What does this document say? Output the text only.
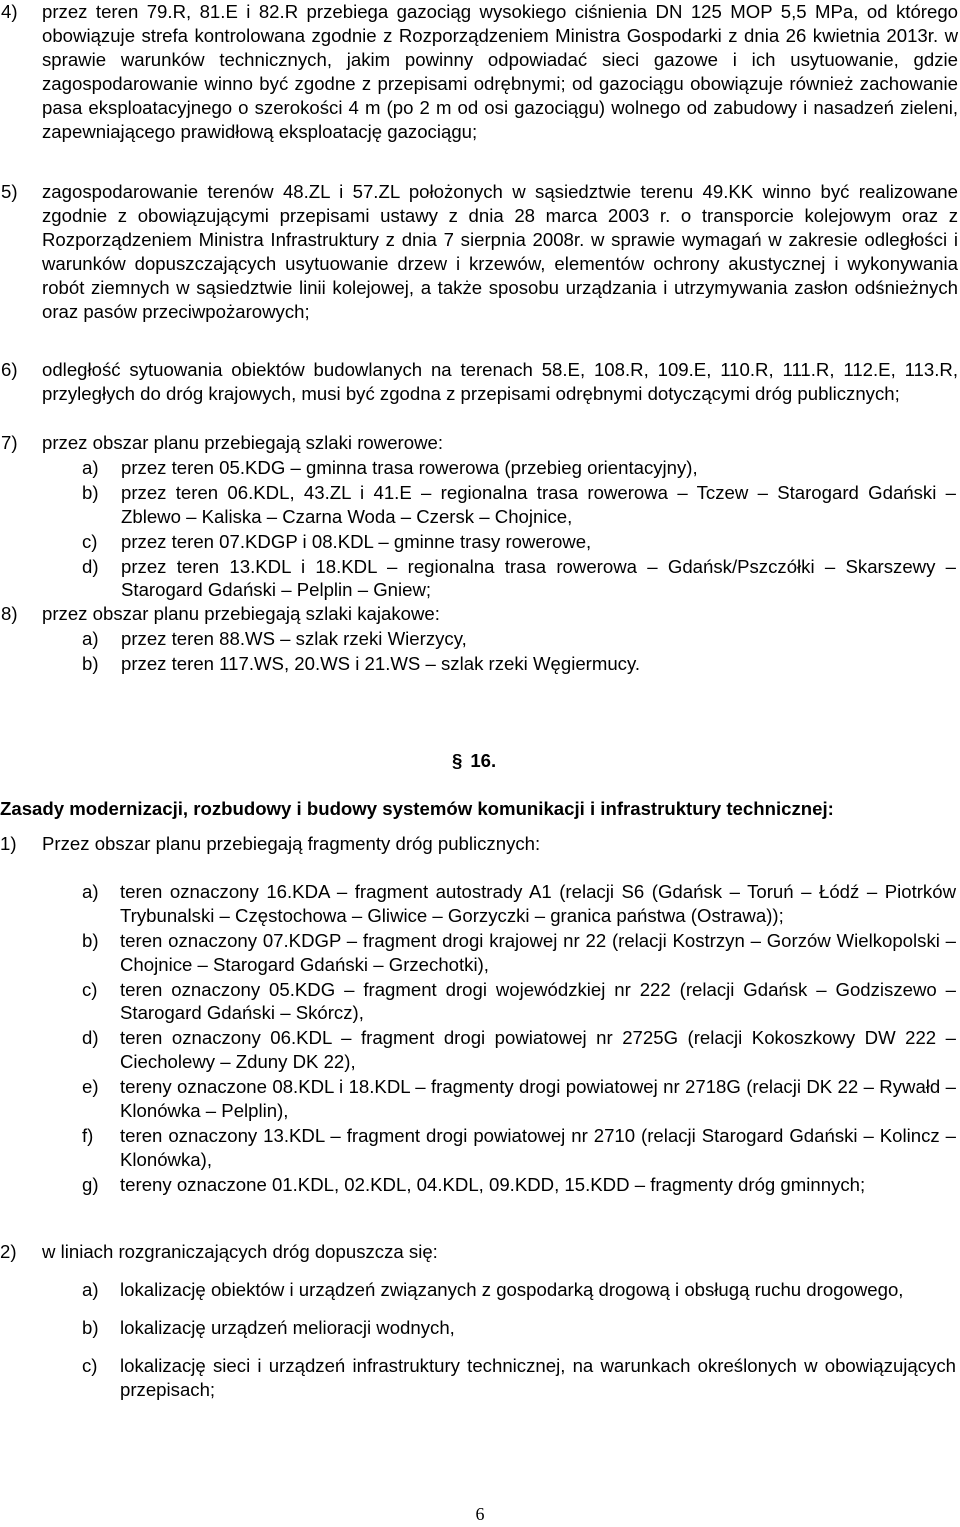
4)	przez teren 79.R, 81.E i 82.R przebiega gazociąg wysokiego ciśnienia DN 125 MOP 5,5 MPa, od którego obowiązuje strefa kontrolowana zgodnie z Rozporządzeniem Ministra Gospodarki z dnia 26 kwietnia 2013r. w sprawie warunków technicznych, jakim powinny odpowiadać sieci gazowe i ich usytuowanie, gdzie zagospodarowanie winno być zgodne z przepisami odrębnymi; od gazociągu obowiązuje również zachowanie pasa eksploatacyjnego o szerokości 4 m (po 2 m od osi gazociągu) wolnego od zabudowy i nasadzeń zieleni, zapewniającego prawidłową eksploatację gazociągu;
5)	zagospodarowanie terenów 48.ZL i 57.ZL położonych w sąsiedztwie terenu 49.KK winno być realizowane zgodnie z obowiązującymi przepisami ustawy z dnia 28 marca 2003 r. o transporcie kolejowym oraz z Rozporządzeniem Ministra Infrastruktury z dnia 7 sierpnia 2008r. w sprawie wymagań w zakresie odległości i warunków dopuszczających usytuowanie drzew i krzewów, elementów ochrony akustycznej i wykonywania robót ziemnych w sąsiedztwie linii kolejowej, a także sposobu urządzania i utrzymywania zasłon odśnieżnych oraz pasów przeciwpożarowych;
6)	odległość sytuowania obiektów budowlanych na terenach 58.E, 108.R, 109.E, 110.R, 111.R, 112.E, 113.R, przyległych do dróg krajowych, musi być zgodna z przepisami odrębnymi dotyczącymi dróg publicznych;
7)	przez obszar planu przebiegają szlaki rowerowe:
a)	przez teren 05.KDG – gminna trasa rowerowa (przebieg orientacyjny),
b)	przez teren 06.KDL, 43.ZL i 41.E – regionalna trasa rowerowa – Tczew – Starogard Gdański – Zblewo – Kaliska – Czarna Woda – Czersk – Chojnice,
c)	przez teren 07.KDGP i 08.KDL – gminne trasy rowerowe,
d)	przez teren 13.KDL i 18.KDL – regionalna trasa rowerowa – Gdańsk/Pszczółki – Skarszewy – Starogard Gdański – Pelplin – Gniew;
8)	przez obszar planu przebiegają szlaki kajakowe:
a)	przez teren 88.WS – szlak rzeki Wierzycy,
b)	przez teren 117.WS, 20.WS i 21.WS – szlak rzeki Węgiermucy.
§ 16.
Zasady modernizacji, rozbudowy i budowy systemów komunikacji i infrastruktury technicznej:
1)	Przez obszar planu przebiegają fragmenty dróg publicznych:
a)	teren oznaczony 16.KDA – fragment autostrady A1 (relacji S6 (Gdańsk – Toruń – Łódź – Piotrków Trybunalski – Częstochowa – Gliwice – Gorzyczki – granica państwa (Ostrawa));
b)	teren oznaczony 07.KDGP – fragment drogi krajowej nr 22 (relacji Kostrzyn – Gorzów Wielkopolski – Chojnice – Starogard Gdański – Grzechotki),
c)	teren oznaczony 05.KDG – fragment drogi wojewódzkiej nr 222 (relacji Gdańsk – Godziszewo – Starogard Gdański – Skórcz),
d)	teren oznaczony 06.KDL – fragment drogi powiatowej nr 2725G (relacji Kokoszkowy DW 222 – Ciecholewy – Zduny DK 22),
e)	tereny oznaczone 08.KDL i 18.KDL – fragmenty drogi powiatowej nr 2718G (relacji DK 22 – Rywałd – Klonówka – Pelplin),
f)	teren oznaczony 13.KDL – fragment drogi powiatowej nr 2710 (relacji Starogard Gdański – Kolincz – Klonówka),
g)	tereny oznaczone 01.KDL, 02.KDL, 04.KDL, 09.KDD, 15.KDD – fragmenty dróg gminnych;
2)	w liniach rozgraniczających dróg dopuszcza się:
a)	lokalizację obiektów i urządzeń związanych z gospodarką drogową i obsługą ruchu drogowego,
b)	lokalizację urządzeń melioracji wodnych,
c)	lokalizację sieci i urządzeń infrastruktury technicznej, na warunkach określonych w obowiązujących przepisach;
6
